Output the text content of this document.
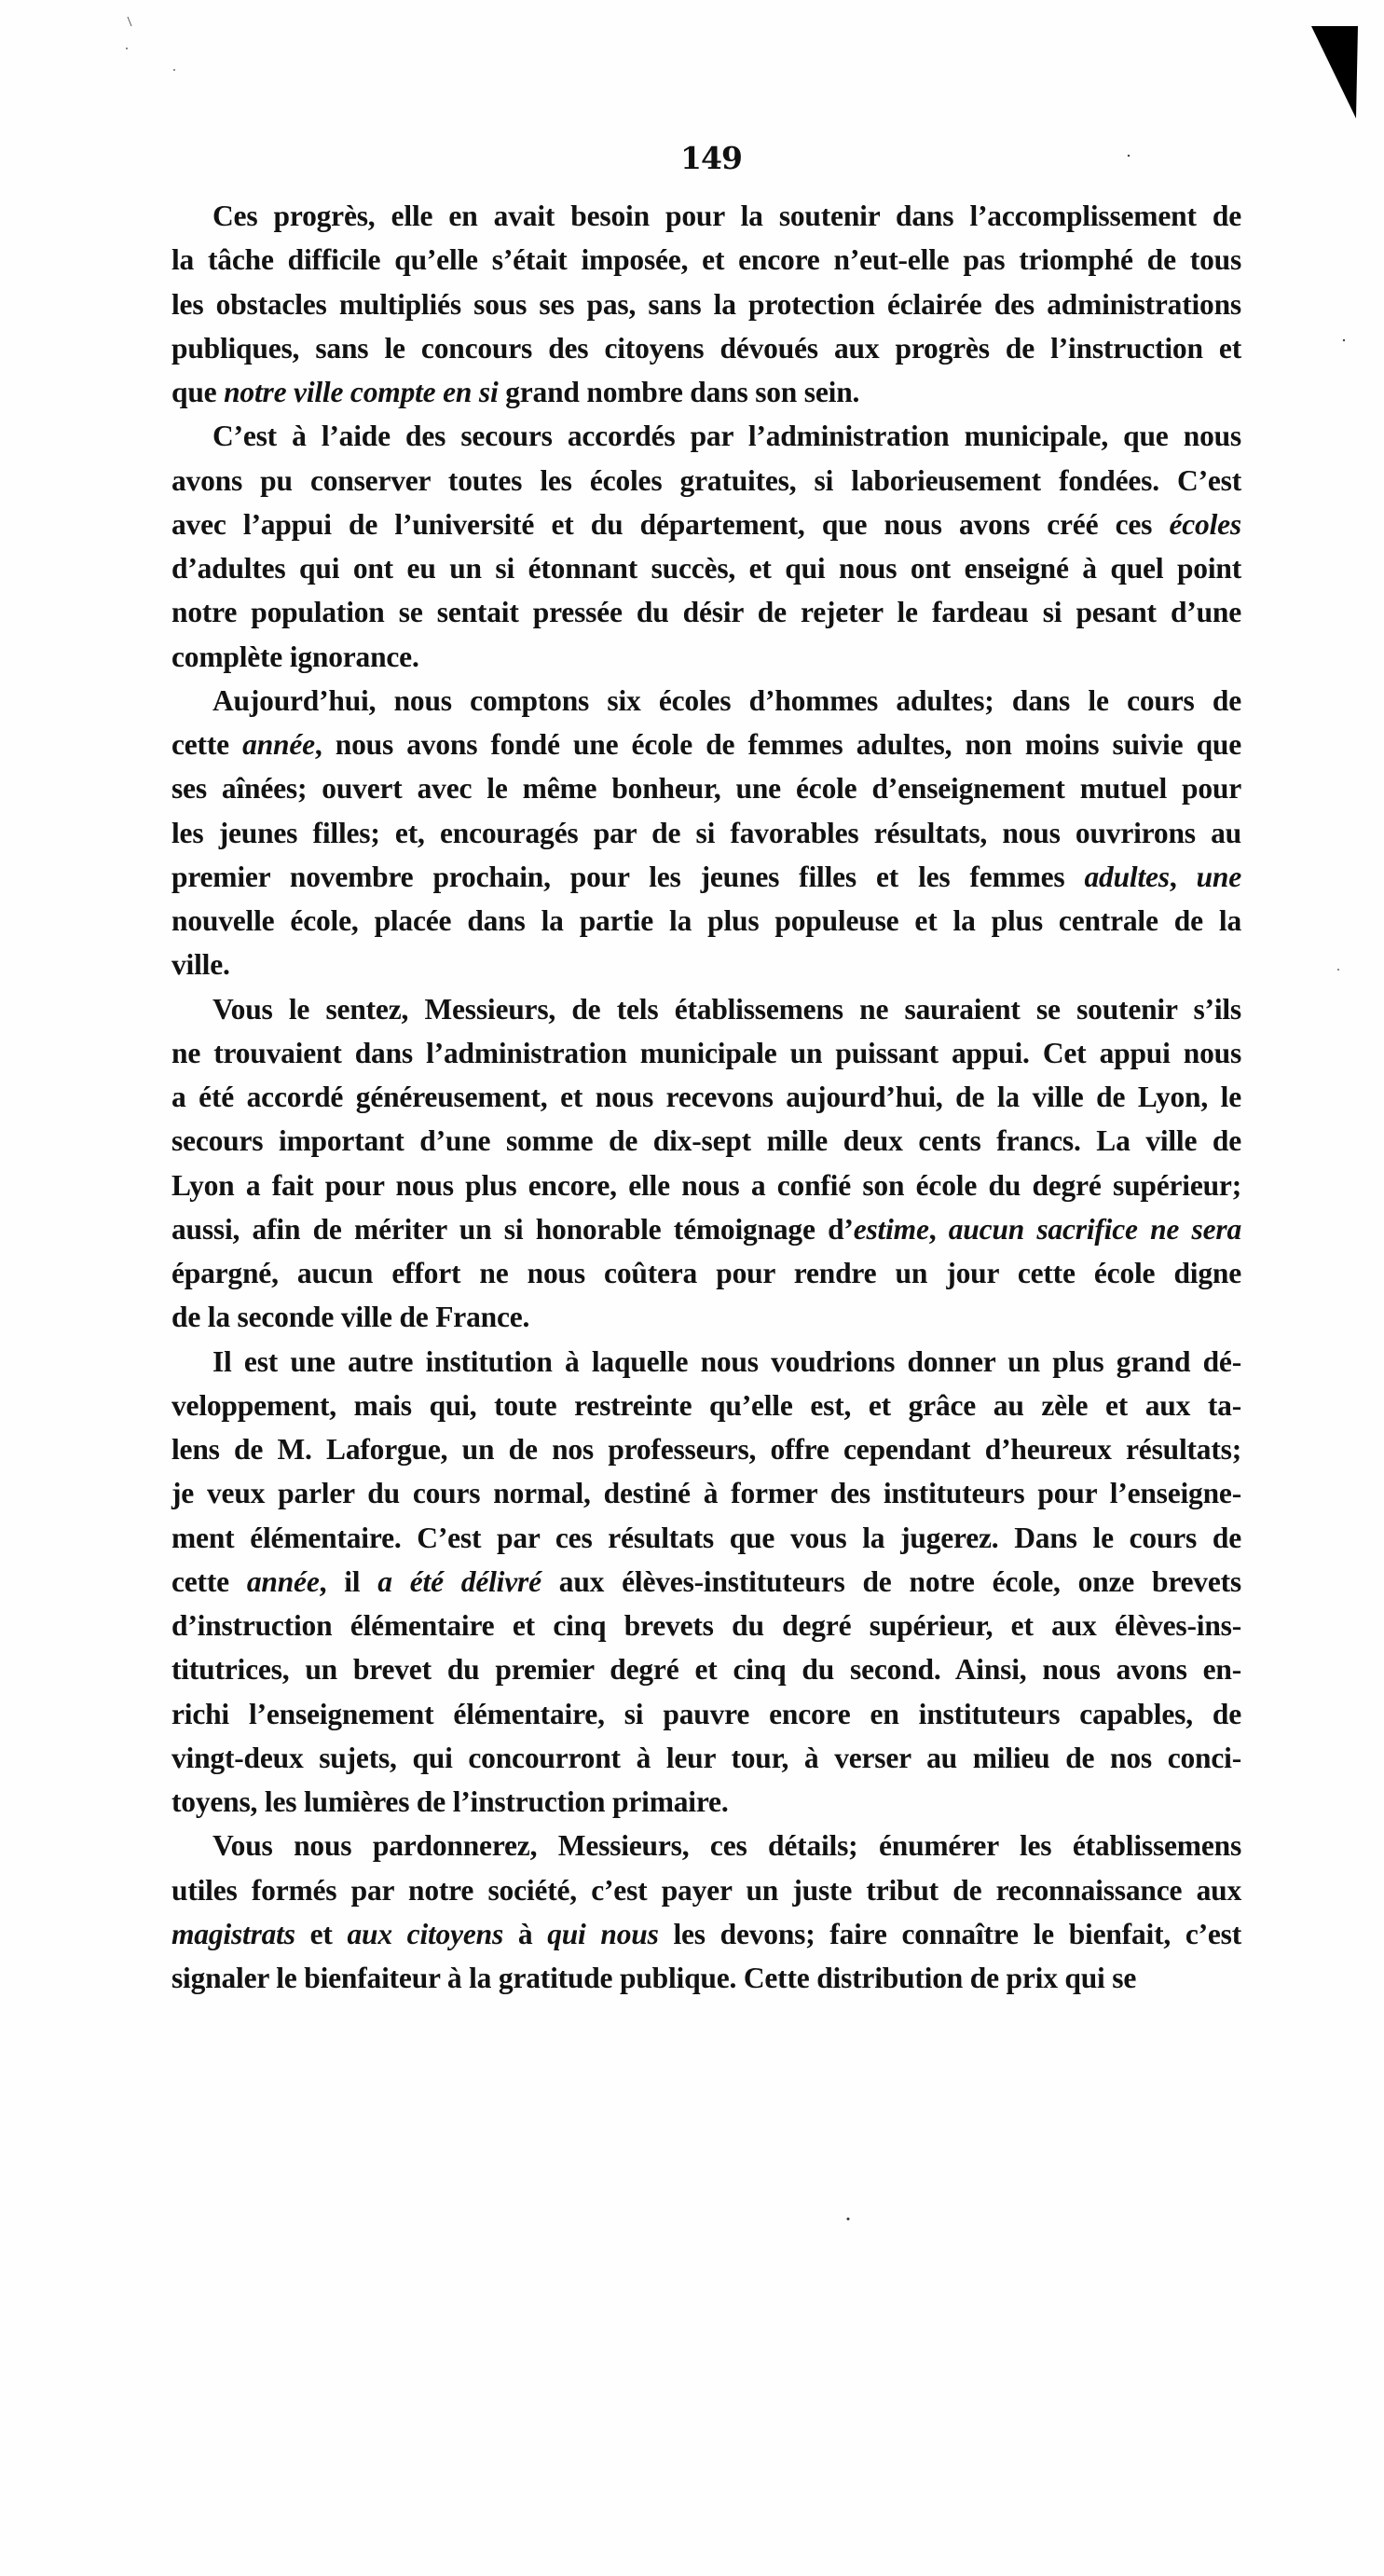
149
Ces progrès, elle en avait besoin pour la soutenir dans l’accomplissement de
la tâche difficile qu’elle s’était imposée, et encore n’eut-elle pas triomphé de tous
les obstacles multipliés sous ses pas, sans la protection éclairée des administrations
publiques, sans le concours des citoyens dévoués aux progrès de l’instruction et
que notre ville compte en si grand nombre dans son sein.
C’est à l’aide des secours accordés par l’administration municipale, que nous
avons pu conserver toutes les écoles gratuites, si laborieusement fondées. C’est
avec l’appui de l’université et du département, que nous avons créé ces écoles
d’adultes qui ont eu un si étonnant succès, et qui nous ont enseigné à quel point
notre population se sentait pressée du désir de rejeter le fardeau si pesant d’une
complète ignorance.
Aujourd’hui, nous comptons six écoles d’hommes adultes; dans le cours de
cette année, nous avons fondé une école de femmes adultes, non moins suivie que
ses aînées; ouvert avec le même bonheur, une école d’enseignement mutuel pour
les jeunes filles; et, encouragés par de si favorables résultats, nous ouvrirons au
premier novembre prochain, pour les jeunes filles et les femmes adultes, une
nouvelle école, placée dans la partie la plus populeuse et la plus centrale de la
ville.
Vous le sentez, Messieurs, de tels établissemens ne sauraient se soutenir s’ils
ne trouvaient dans l’administration municipale un puissant appui. Cet appui nous
a été accordé généreusement, et nous recevons aujourd’hui, de la ville de Lyon, le
secours important d’une somme de dix-sept mille deux cents francs. La ville de
Lyon a fait pour nous plus encore, elle nous a confié son école du degré supérieur;
aussi, afin de mériter un si honorable témoignage d’estime, aucun sacrifice ne sera
épargné, aucun effort ne nous coûtera pour rendre un jour cette école digne
de la seconde ville de France.
Il est une autre institution à laquelle nous voudrions donner un plus grand dé-
veloppement, mais qui, toute restreinte qu’elle est, et grâce au zèle et aux ta-
lens de M. Laforgue, un de nos professeurs, offre cependant d’heureux résultats;
je veux parler du cours normal, destiné à former des instituteurs pour l’enseigne-
ment élémentaire. C’est par ces résultats que vous la jugerez. Dans le cours de
cette année, il a été délivré aux élèves-instituteurs de notre école, onze brevets
d’instruction élémentaire et cinq brevets du degré supérieur, et aux élèves-ins-
titutrices, un brevet du premier degré et cinq du second. Ainsi, nous avons en-
richi l’enseignement élémentaire, si pauvre encore en instituteurs capables, de
vingt-deux sujets, qui concourront à leur tour, à verser au milieu de nos conci-
toyens, les lumières de l’instruction primaire.
Vous nous pardonnerez, Messieurs, ces détails; énumérer les établissemens
utiles formés par notre société, c’est payer un juste tribut de reconnaissance aux
magistrats et aux citoyens à qui nous les devons; faire connaître le bienfait, c’est
signaler le bienfaiteur à la gratitude publique. Cette distribution de prix qui se
